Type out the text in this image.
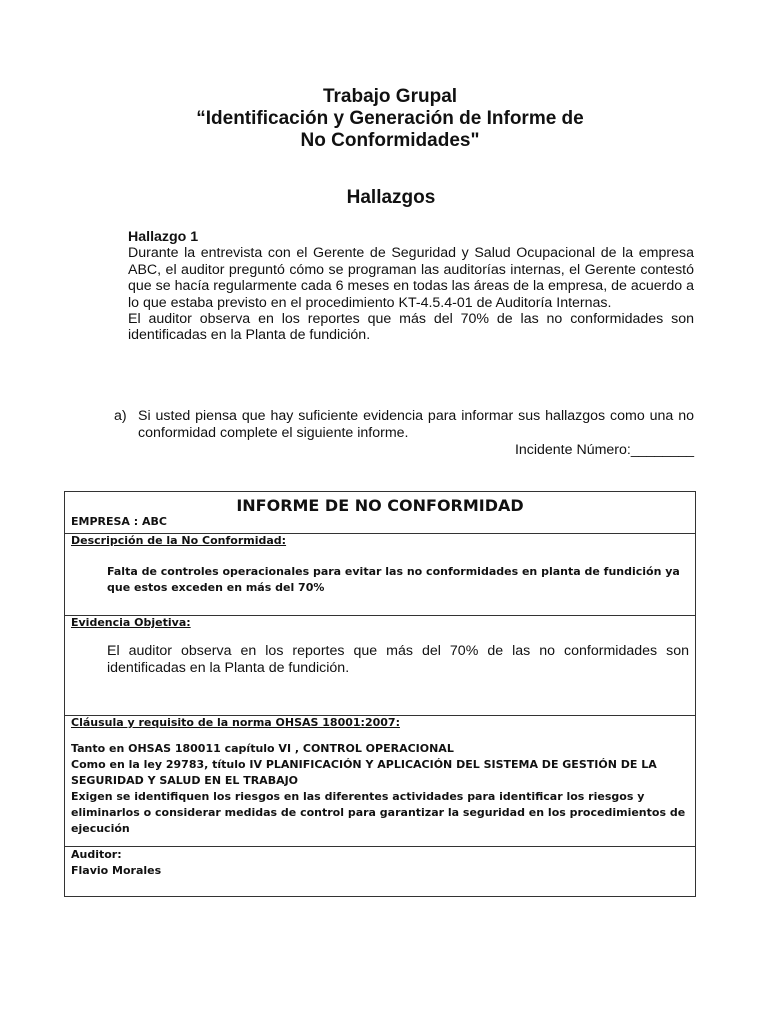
Trabajo Grupal
“Identificación y Generación de Informe de
No Conformidades"
Hallazgos
Hallazgo 1

Durante la entrevista con el Gerente de Seguridad y Salud Ocupacional de la empresa ABC, el auditor preguntó cómo se programan las auditorías internas, el Gerente contestó que se hacía regularmente cada 6 meses en todas las áreas de la empresa, de acuerdo a lo que estaba previsto en el procedimiento KT-4.5.4-01 de Auditoría Internas.

El auditor observa en los reportes que más del 70% de las no conformidades son identificadas en la Planta de fundición.

a) Si usted piensa que hay suficiente evidencia para informar sus hallazgos como una no conformidad complete el siguiente informe.
Incidente Número:________
INFORME DE NO CONFORMIDAD
EMPRESA : ABC

Descripción de la No Conformidad:
Falta de controles operacionales para evitar las no conformidades en planta de fundición ya que estos exceden en más del 70%

Evidencia Objetiva:
El auditor observa en los reportes que más del 70% de las no conformidades son identificadas en la Planta de fundición.

Cláusula y requisito de la norma OHSAS 18001:2007:
Tanto en OHSAS 180011 capítulo VI , CONTROL OPERACIONAL
Como en la ley 29783, título IV PLANIFICACIÓN Y APLICACIÓN DEL SISTEMA DE GESTIÓN DE LA SEGURIDAD Y SALUD EN EL TRABAJO
Exigen se identifiquen los riesgos en las diferentes actividades para identificar los riesgos y eliminarlos o considerar medidas de control para garantizar la seguridad en los procedimientos de ejecución

Auditor:
Flavio Morales
